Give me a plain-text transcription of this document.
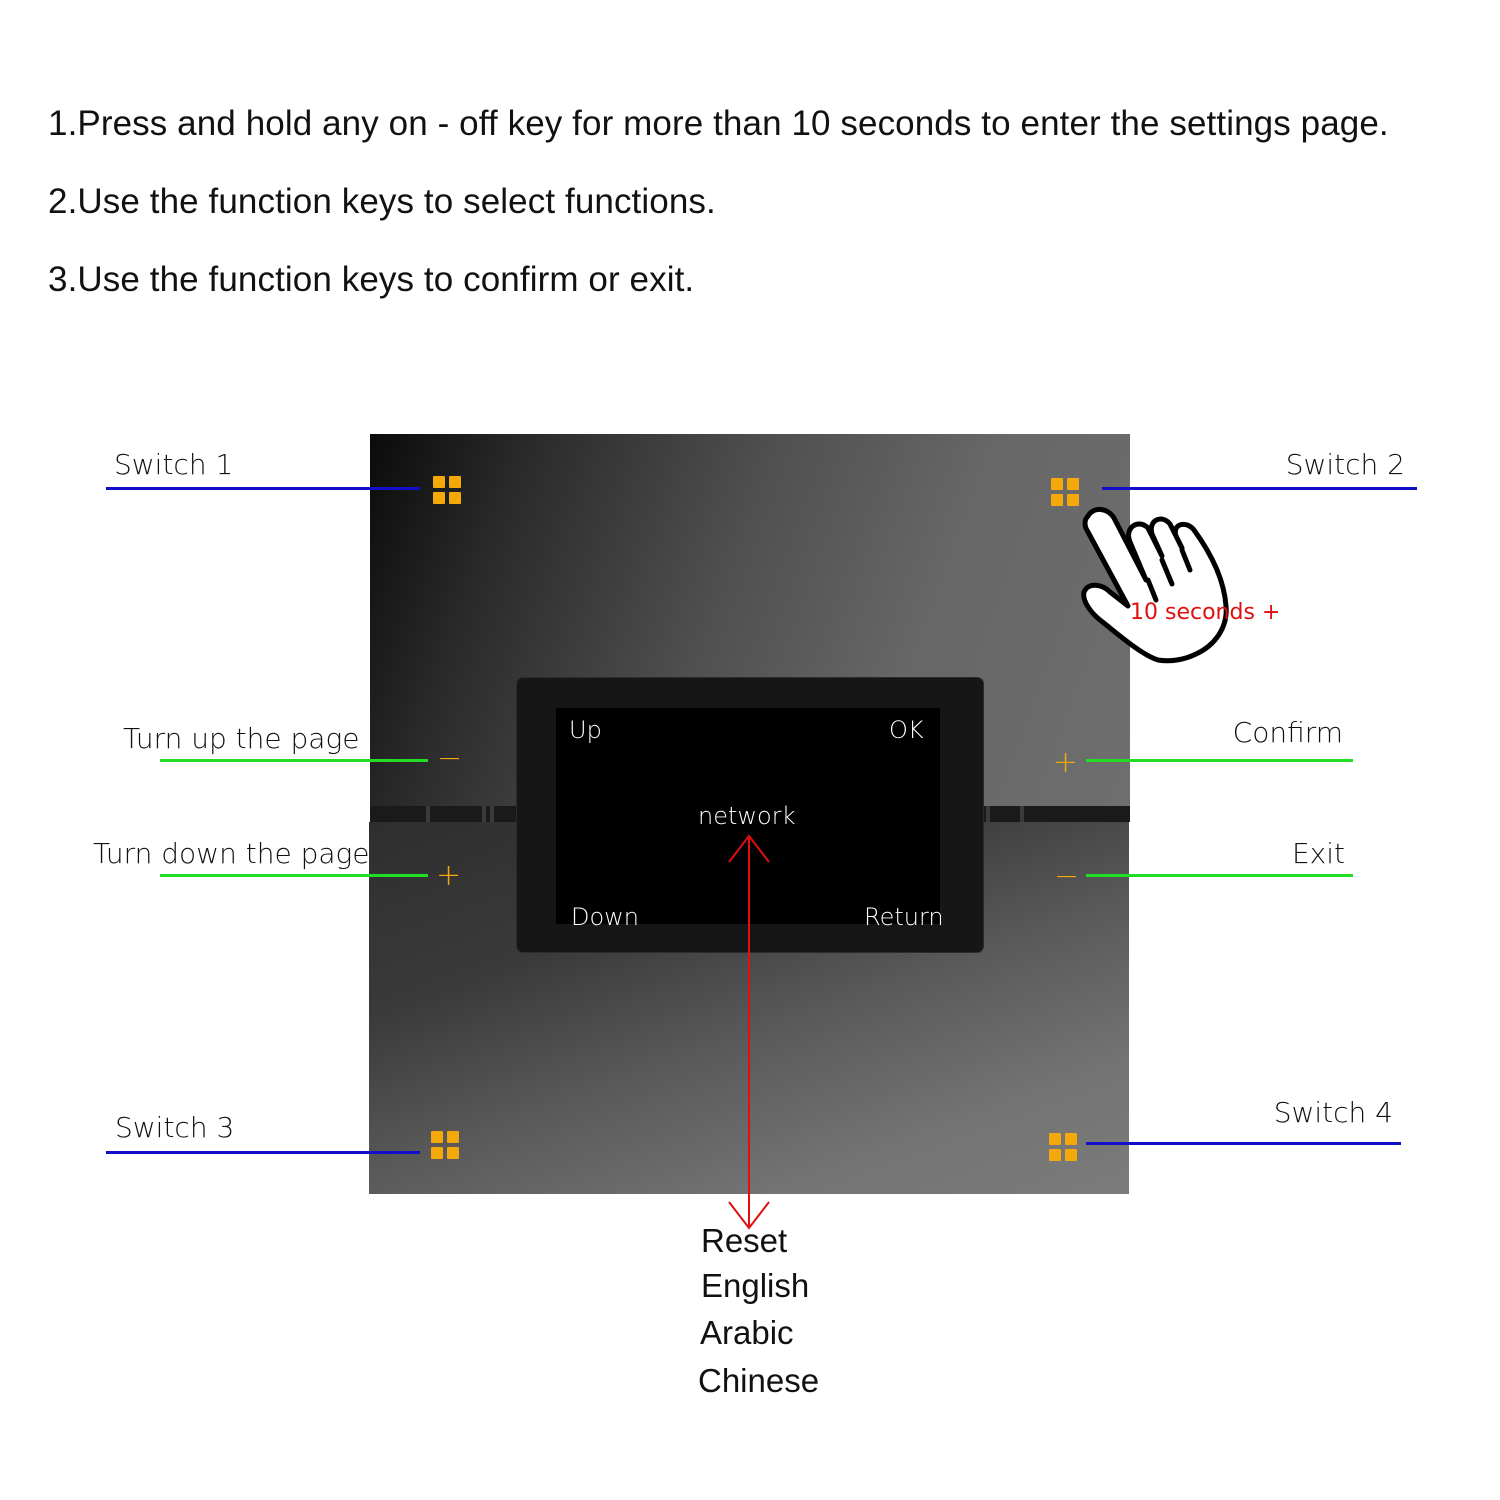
1.Press and hold any on - off key for more than 10 seconds to enter the settings page.
2.Use the function keys to select functions.
3.Use the function keys to confirm or exit.
−	+
+	−
Up	OK
network
Down	Return
Switch 1	Switch 2
Switch 3	Switch 4
Turn up the page
Turn down the page
Confirm
Exit
10 seconds +
Reset
English
Arabic
Chinese
